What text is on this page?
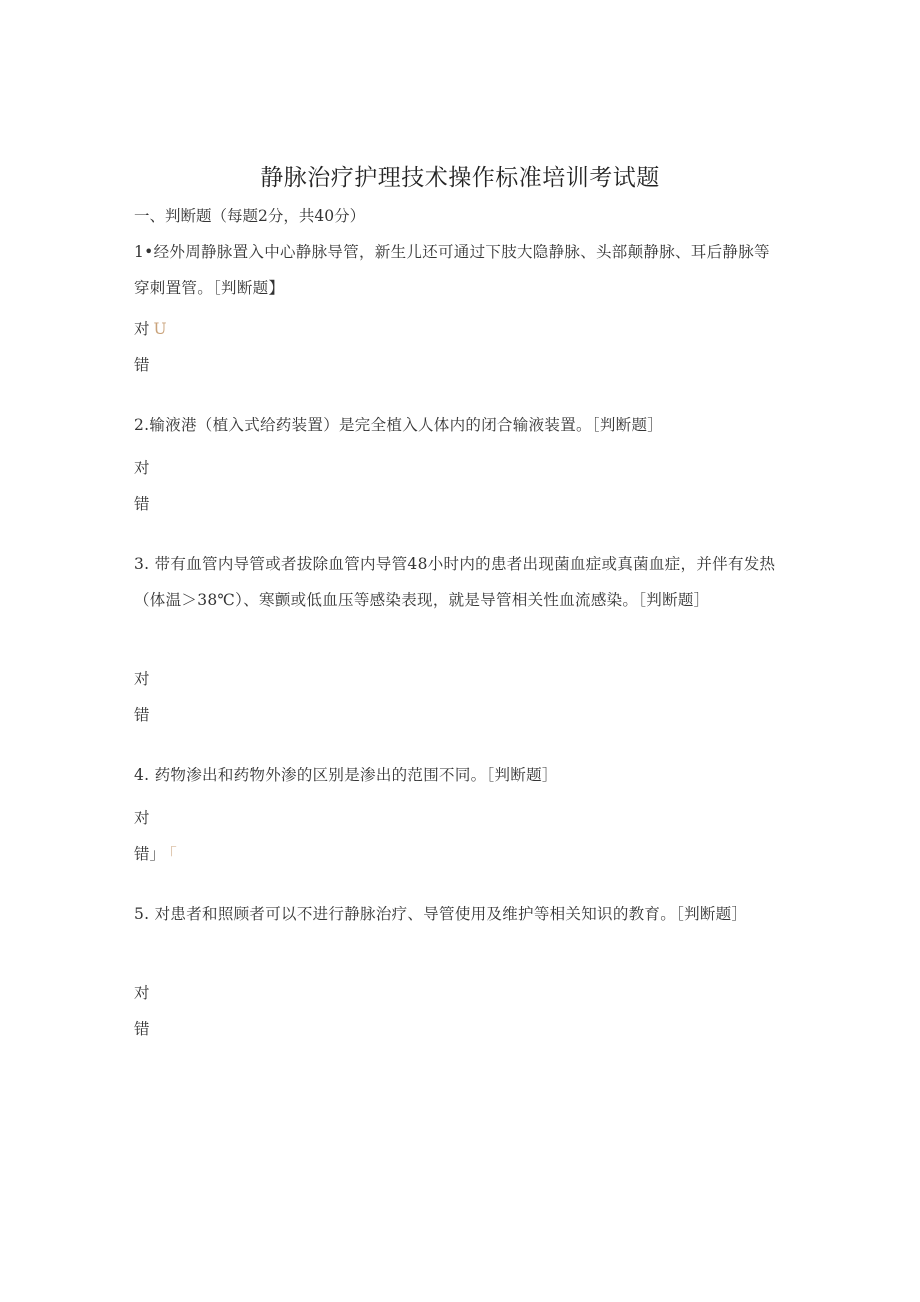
静脉治疗护理技术操作标准培训考试题
一、判断题（每题2分，共40分）

1•经外周静脉置入中心静脉导管，新生儿还可通过下肢大隐静脉、头部颠静脉、耳后静脉等穿刺置管。［判断题】

对 U
错

2.输液港（植入式给药装置）是完全植入人体内的闭合输液装置。［判断题］

对
错

3. 带有血管内导管或者拔除血管内导管48小时内的患者出现菌血症或真菌血症，并伴有发热（体温＞38℃）、寒颤或低血压等感染表现，就是导管相关性血流感染。［判断题］

对
错

4. 药物渗出和药物外渗的区别是渗出的范围不同。［判断题］

对
错」 「

5. 对患者和照顾者可以不进行静脉治疗、导管使用及维护等相关知识的教育。［判断题］

对
错
